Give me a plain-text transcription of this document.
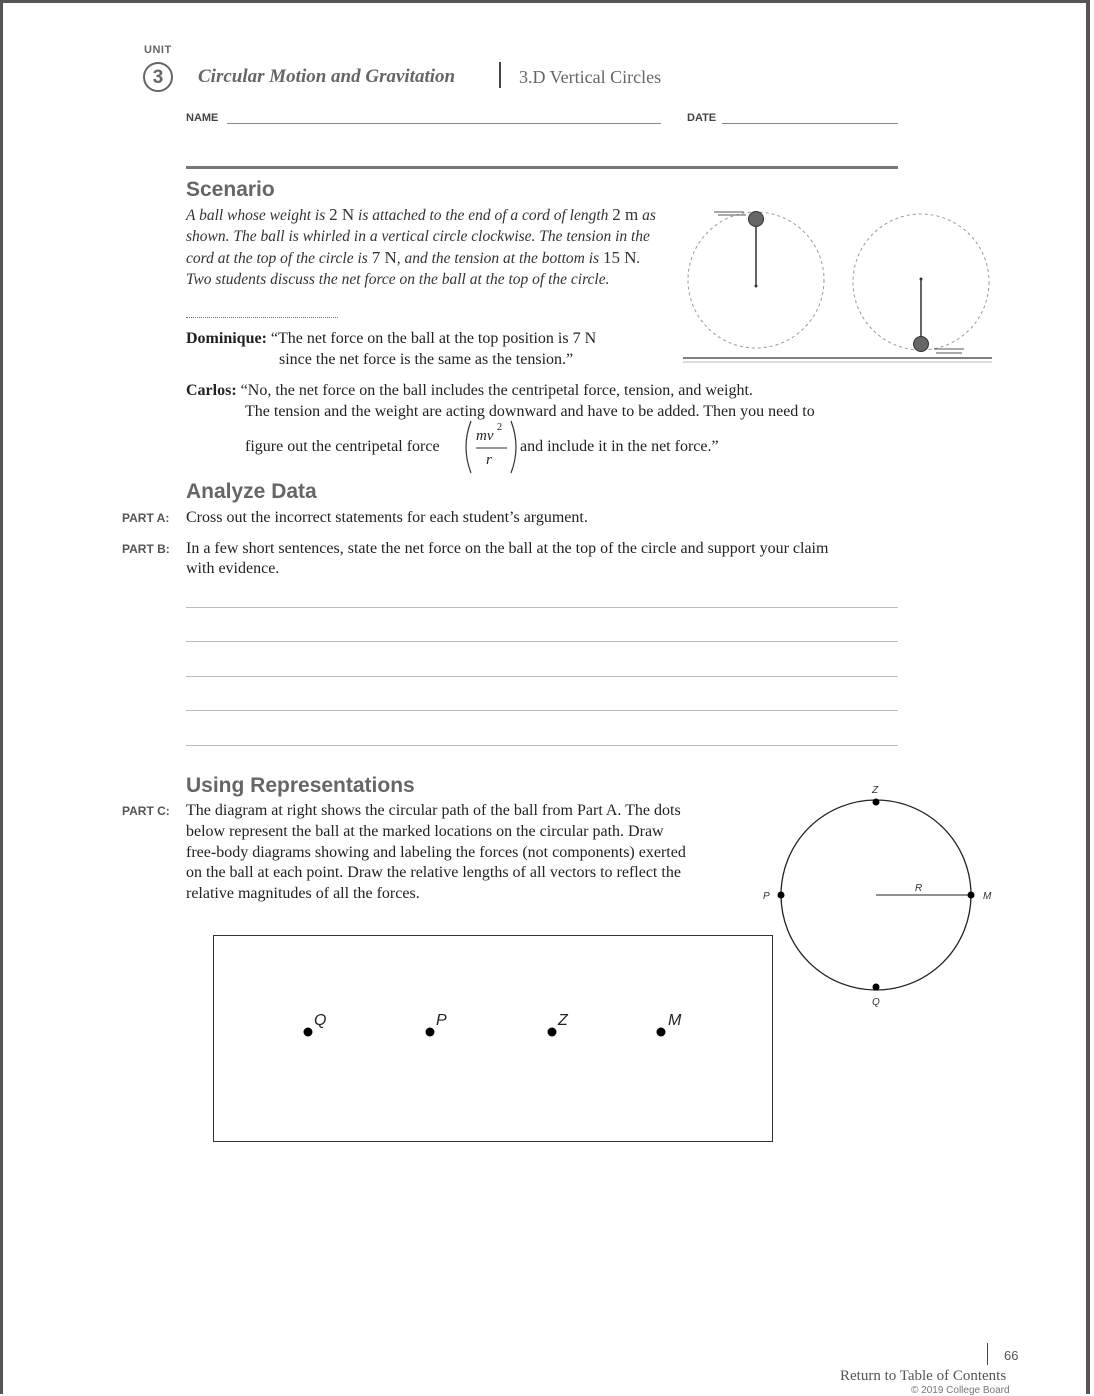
UNIT
3	Circular Motion and Gravitation	3.D Vertical Circles
NAME	DATE
Scenario
A ball whose weight is 2 N is attached to the end of a cord of length 2 m as shown. The ball is whirled in a vertical circle clockwise. The tension in the cord at the top of the circle is 7 N, and the tension at the bottom is 15 N. Two students discuss the net force on the ball at the top of the circle.
Dominique: “The net force on the ball at the top position is 7 N
since the net force is the same as the tension.”
Carlos: “No, the net force on the ball includes the centripetal force, tension, and weight.
The tension and the weight are acting downward and have to be added. Then you need to
figure out the centripetal force
mv
2
r
and include it in the net force.”
Analyze Data
PART A: Cross out the incorrect statements for each student’s argument.
PART B: In a few short sentences, state the net force on the ball at the top of the circle and support your claim
with evidence.
Using Representations
PART C: The diagram at right shows the circular path of the ball from Part A. The dots
below represent the ball at the marked locations on the circular path. Draw
free-body diagrams showing and labeling the forces (not components) exerted
on the ball at each point. Draw the relative lengths of all vectors to reflect the
relative magnitudes of all the forces.
Z
P	M
Q
R
Q	P	Z	M
66
Return to Table of Contents
© 2019 College Board
